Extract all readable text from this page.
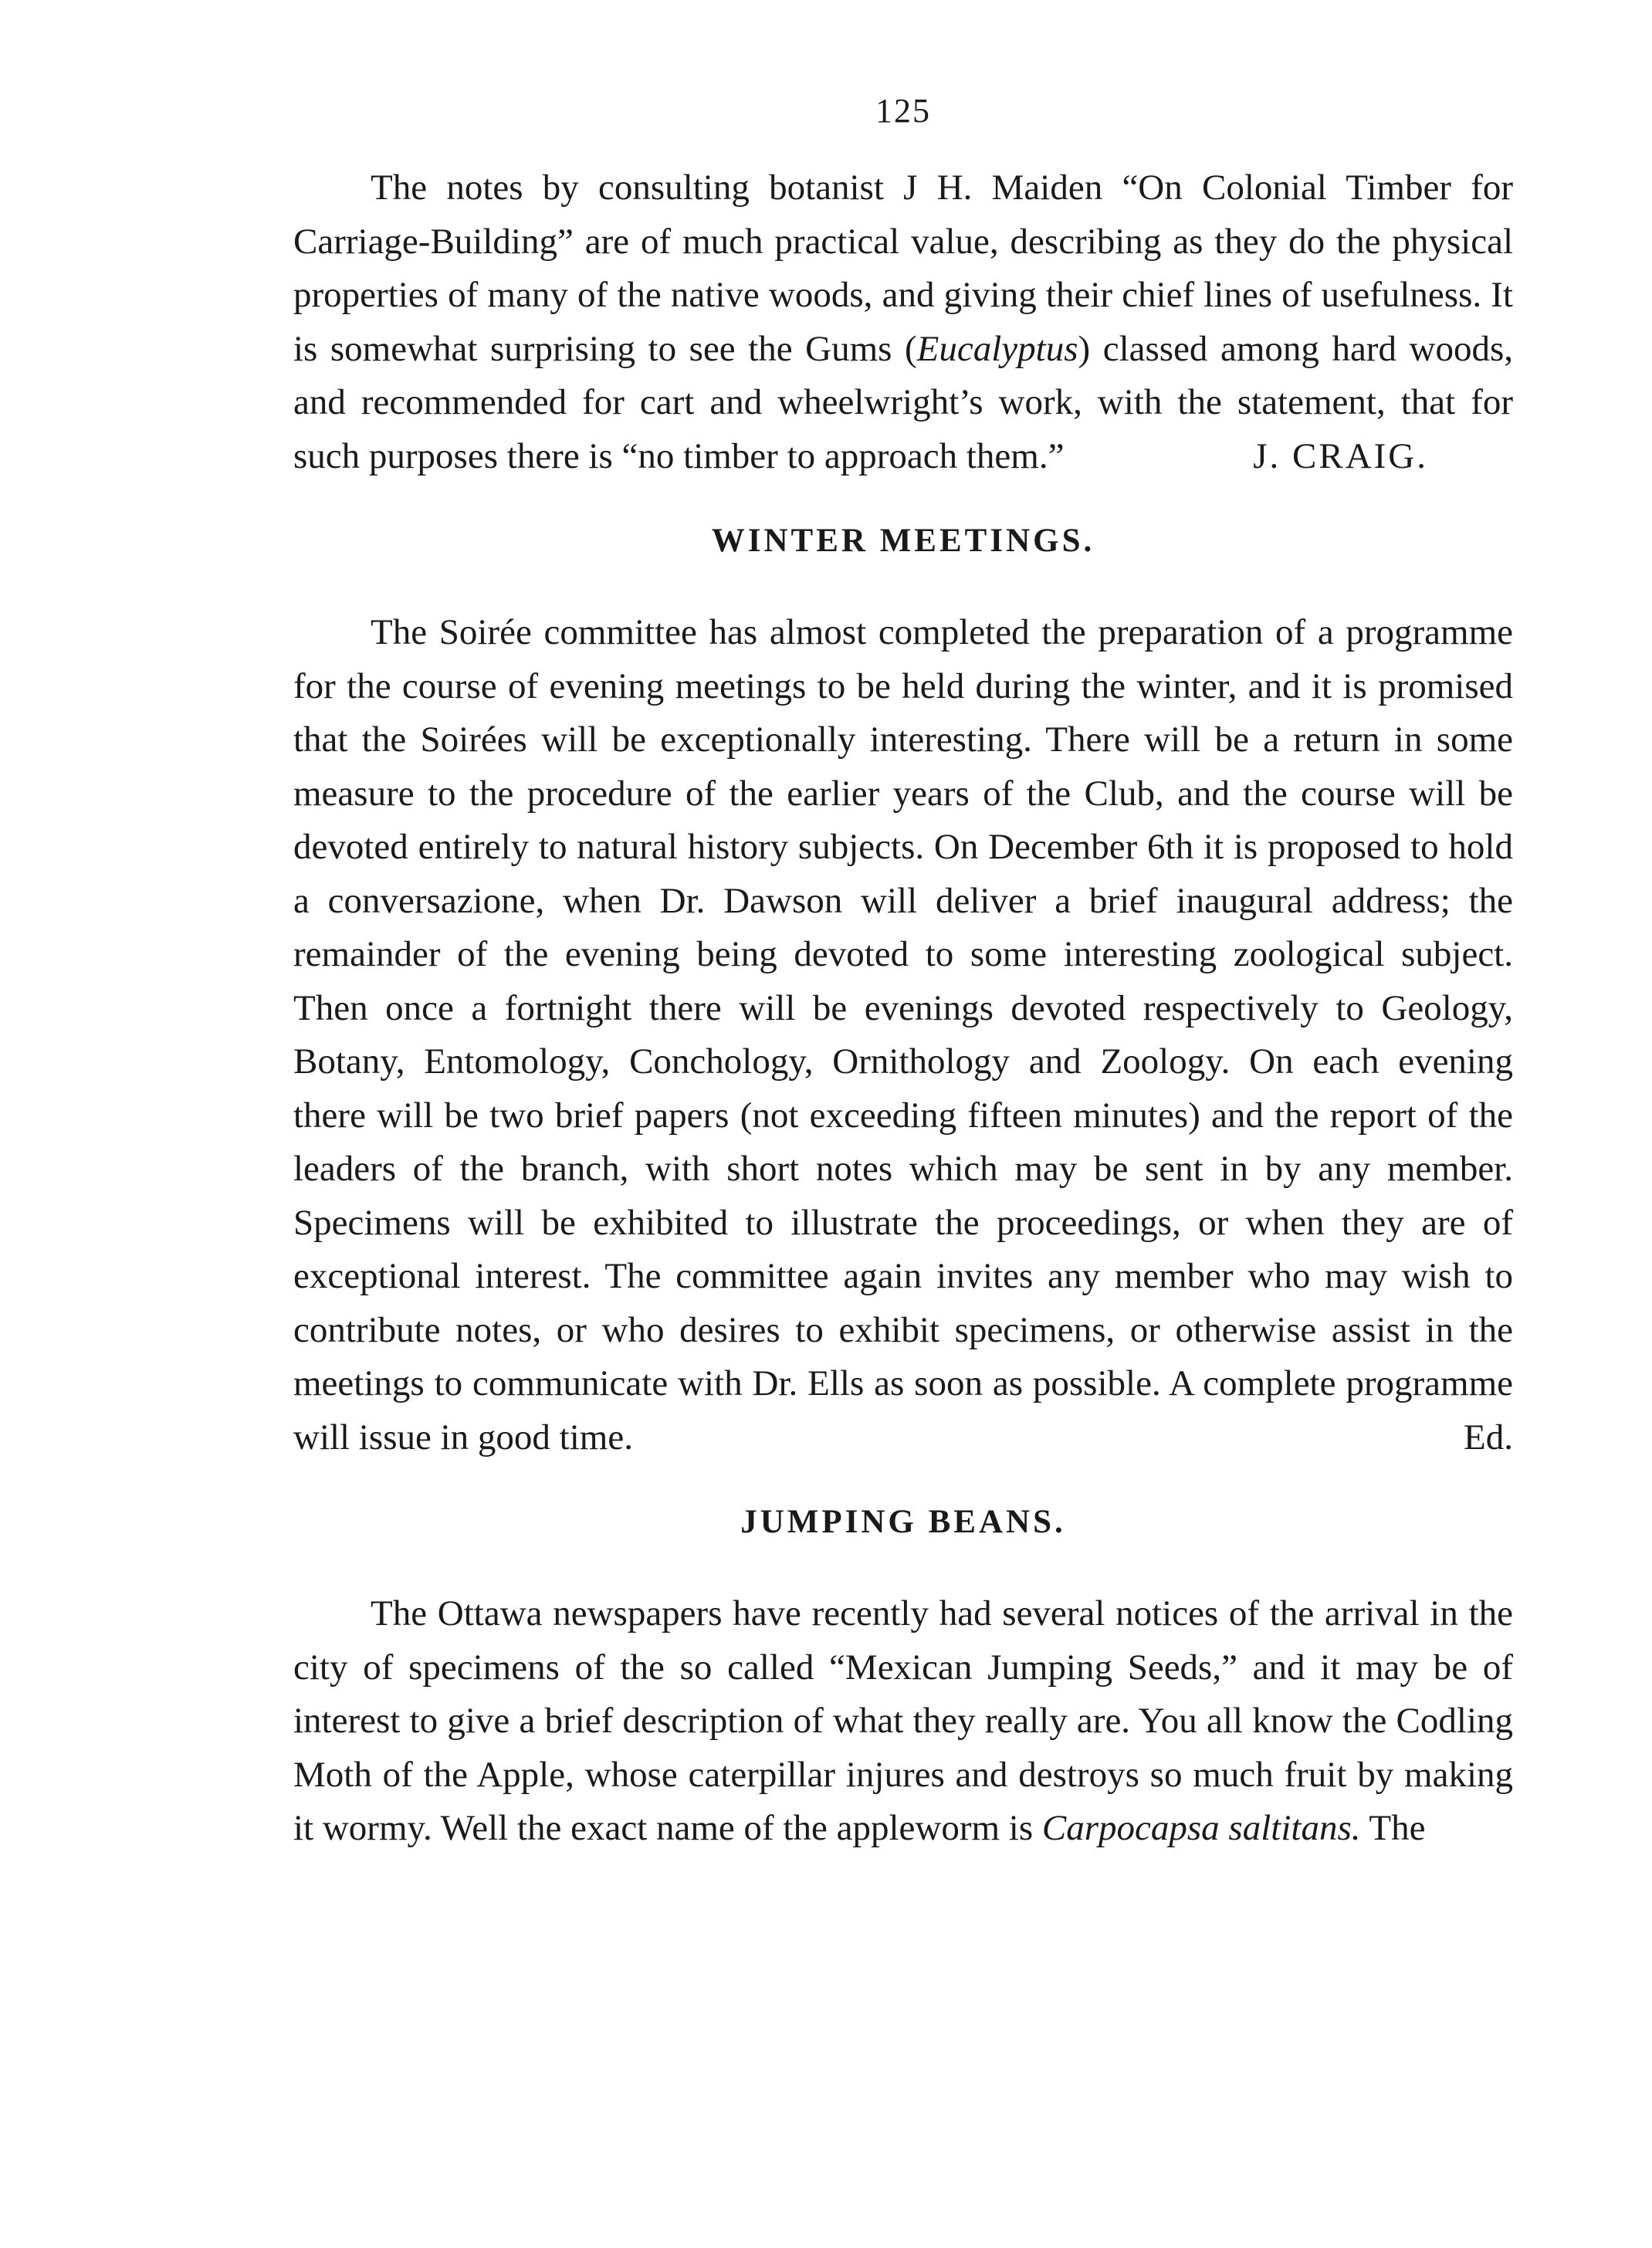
125

The notes by consulting botanist J H. Maiden “On Colonial Timber for Carriage-Building” are of much practical value, describing as they do the physical properties of many of the native woods, and giving their chief lines of usefulness. It is somewhat surprising to see the Gums (Eucalyptus) classed among hard woods, and recommended for cart and wheelwright’s work, with the statement, that for such purposes there is “no timber to approach them.”	J. CRAIG.

WINTER MEETINGS.

The Soirée committee has almost completed the preparation of a programme for the course of evening meetings to be held during the winter, and it is promised that the Soirées will be exceptionally interesting. There will be a return in some measure to the procedure of the earlier years of the Club, and the course will be devoted entirely to natural history subjects. On December 6th it is proposed to hold a conversazione, when Dr. Dawson will deliver a brief inaugural address; the remainder of the evening being devoted to some interesting zoological subject. Then once a fortnight there will be evenings devoted respectively to Geology, Botany, Entomology, Conchology, Ornithology and Zoology. On each evening there will be two brief papers (not exceeding fifteen minutes) and the report of the leaders of the branch, with short notes which may be sent in by any member. Specimens will be exhibited to illustrate the proceedings, or when they are of exceptional interest. The committee again invites any member who may wish to contribute notes, or who desires to exhibit specimens, or otherwise assist in the meetings to communicate with Dr. Ells as soon as possible. A complete programme will issue in good time.	Ed.

JUMPING BEANS.

The Ottawa newspapers have recently had several notices of the arrival in the city of specimens of the so called “Mexican Jumping Seeds,” and it may be of interest to give a brief description of what they really are. You all know the Codling Moth of the Apple, whose caterpillar injures and destroys so much fruit by making it wormy. Well the exact name of the appleworm is Carpocapsa saltitans. The
